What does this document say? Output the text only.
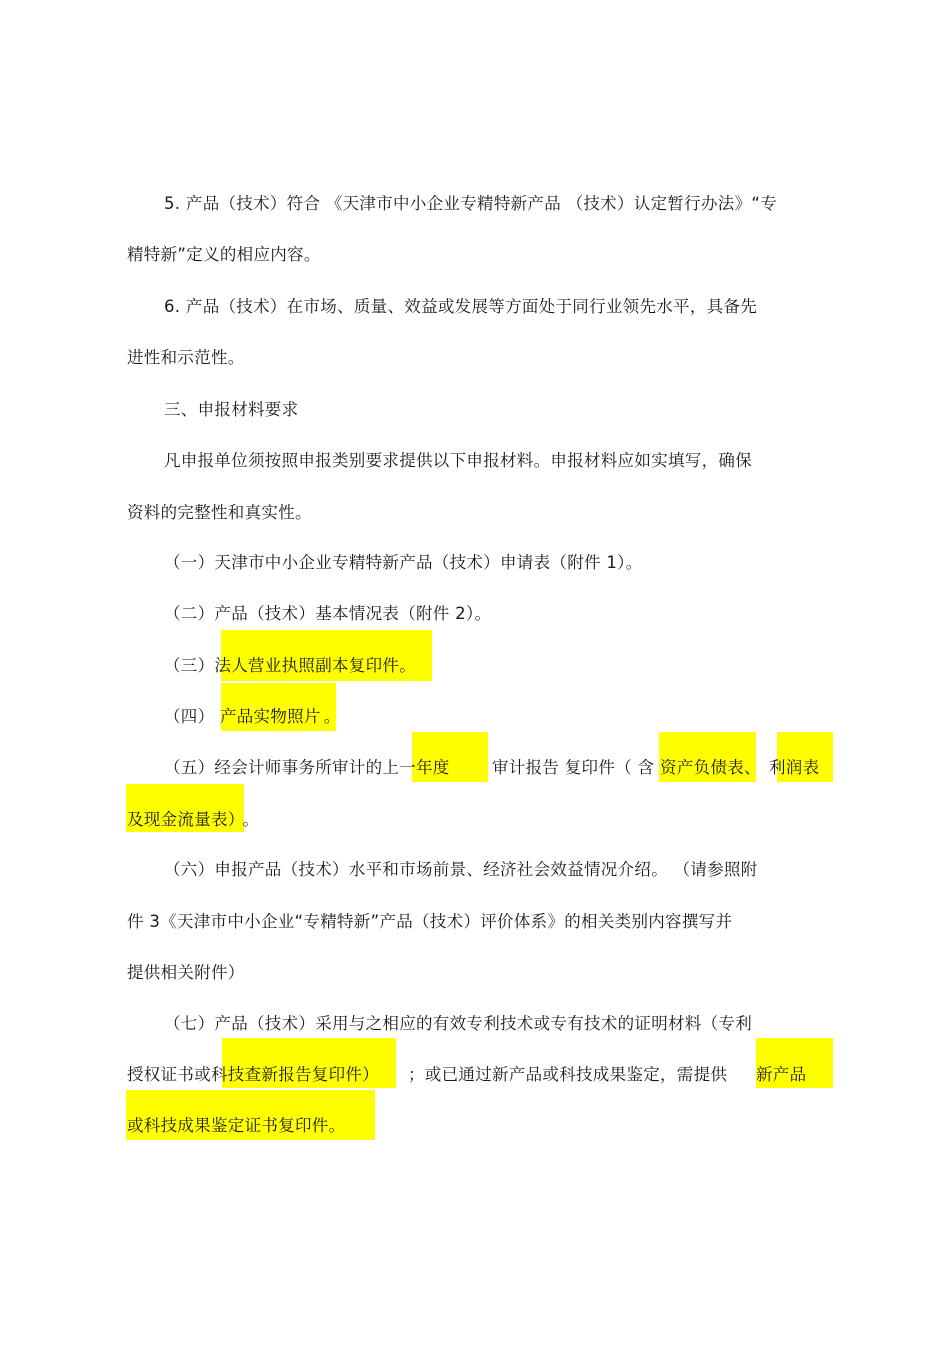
5. 产品（技术）符合 《天津市中小企业专精特新产品 （技术）认定暂行办法》“专
精特新”定义的相应内容。
6. 产品（技术）在市场、质量、效益或发展等方面处于同行业领先水平，具备先
进性和示范性。
三、申报材料要求
凡申报单位须按照申报类别要求提供以下申报材料。申报材料应如实填写，确保
资料的完整性和真实性。
（一）天津市中小企业专精特新产品（技术）申请表（附件 1）。
（二）产品（技术）基本情况表（附件 2）。
（三）法人营业执照副本复印件。
（四） 产品实物照片 。
（五）经会计师事务所审计的上一年度	审计报告 复印件（ 含 资产负债表、 利润表
及现金流量表） 。
（六）申报产品（技术）水平和市场前景、经济社会效益情况介绍。 （请参照附
件 3《天津市中小企业“专精特新”产品（技术）评价体系》的相关类别内容撰写并
提供相关附件）
（七）产品（技术）采用与之相应的有效专利技术或专有技术的证明材料（专利
授权证书或科技查新报告复印件） ；或已通过新产品或科技成果鉴定，需提供 新产品
或科技成果鉴定证书复印件。
